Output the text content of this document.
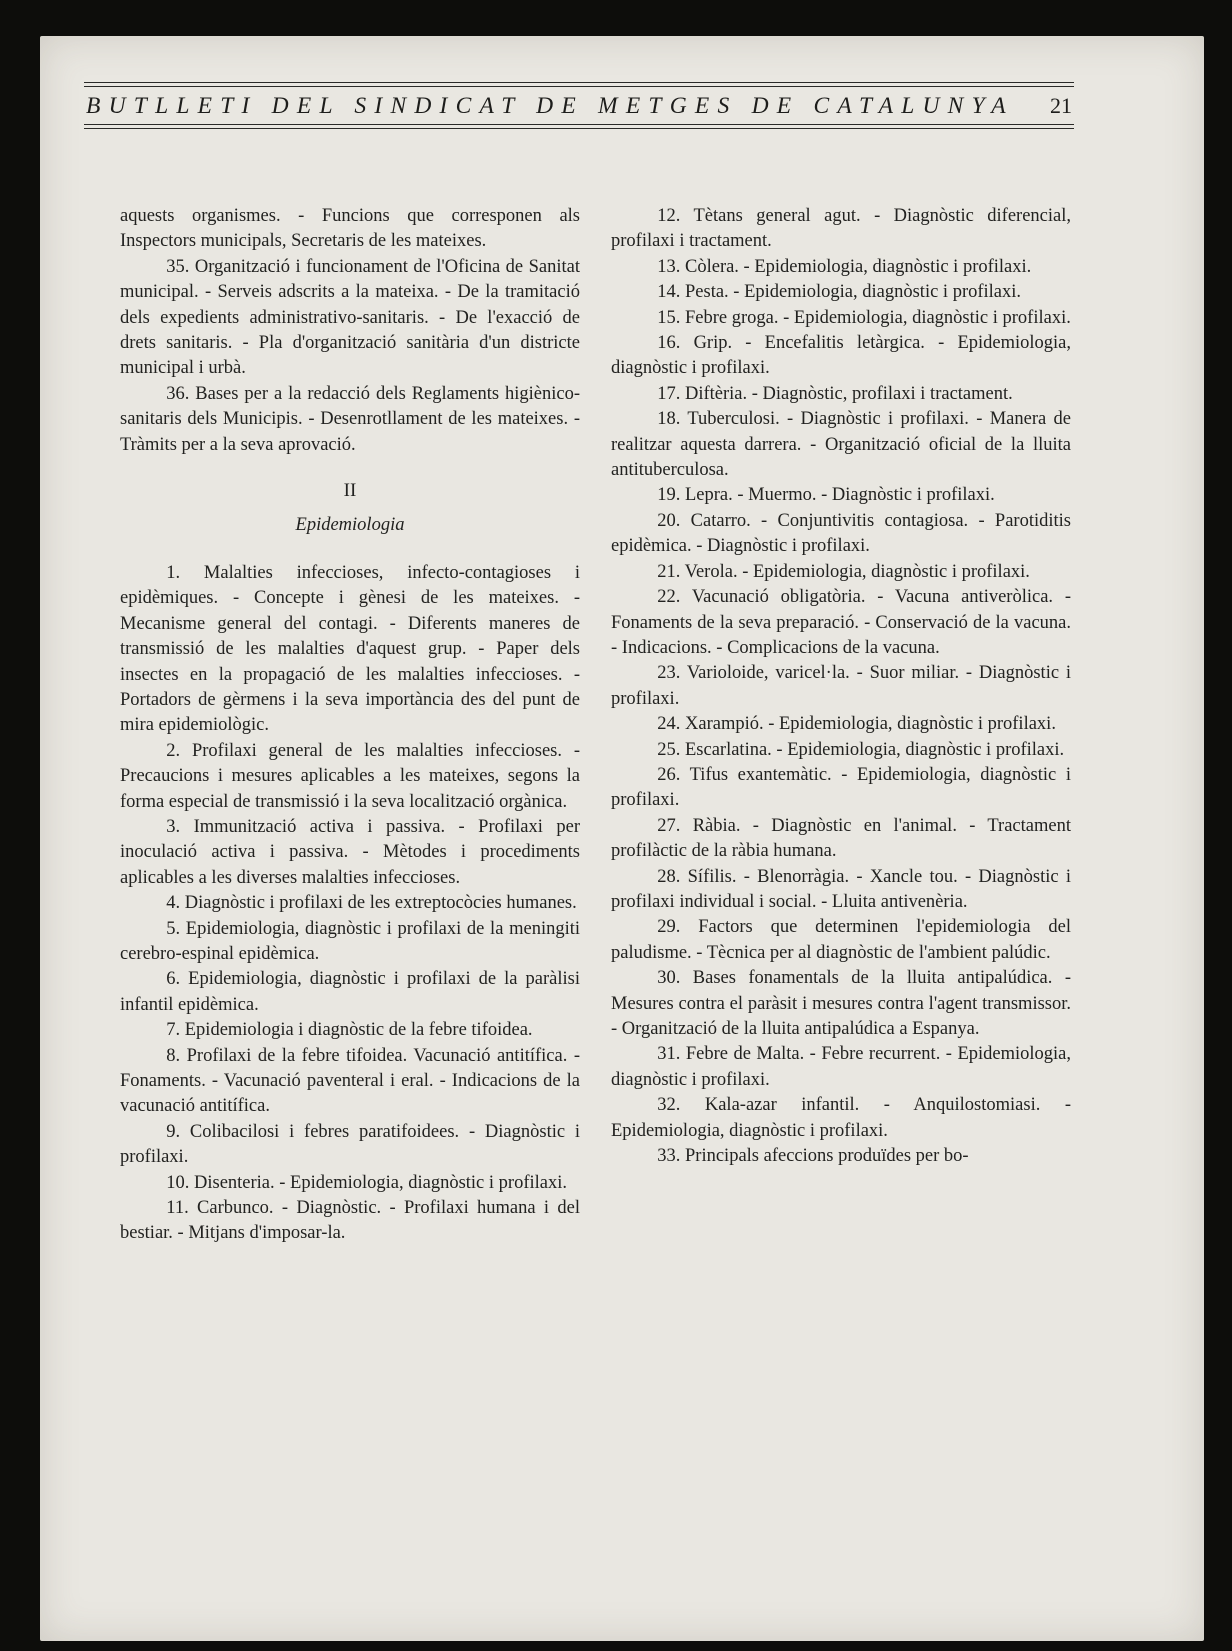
BUTLLETI DEL SINDICAT DE METGES DE CATALUNYA 21

aquests organismes. - Funcions que corresponen als Inspectors municipals, Secretaris de les mateixes.

35. Organització i funcionament de l'Oficina de Sanitat municipal. - Serveis adscrits a la mateixa. - De la tramitació dels expedients administrativo-sanitaris. - De l'exacció de drets sanitaris. - Pla d'organització sanitària d'un districte municipal i urbà.

36. Bases per a la redacció dels Reglaments higiènico-sanitaris dels Municipis. - Desenrotllament de les mateixes. - Tràmits per a la seva aprovació.

II
Epidemiologia

1. Malalties infeccioses, infecto-contagioses i epidèmiques. - Concepte i gènesi de les mateixes. - Mecanisme general del contagi. - Diferents maneres de transmissió de les malalties d'aquest grup. - Paper dels insectes en la propagació de les malalties infeccioses. - Portadors de gèrmens i la seva importància des del punt de mira epidemiològic.

2. Profilaxi general de les malalties infeccioses. - Precaucions i mesures aplicables a les mateixes, segons la forma especial de transmissió i la seva localització orgànica.

3. Immunització activa i passiva. - Profilaxi per inoculació activa i passiva. - Mètodes i procediments aplicables a les diverses malalties infeccioses.

4. Diagnòstic i profilaxi de les extreptocòcies humanes.

5. Epidemiologia, diagnòstic i profilaxi de la meningiti cerebro-espinal epidèmica.

6. Epidemiologia, diagnòstic i profilaxi de la paràlisi infantil epidèmica.

7. Epidemiologia i diagnòstic de la febre tifoidea.

8. Profilaxi de la febre tifoidea. Vacunació antitífica. - Fonaments. - Vacunació paventeral i eral. - Indicacions de la vacunació antitífica.

9. Colibacilosi i febres paratifoidees. - Diagnòstic i profilaxi.

10. Disenteria. - Epidemiologia, diagnòstic i profilaxi.

11. Carbunco. - Diagnòstic. - Profilaxi humana i del bestiar. - Mitjans d'imposar-la.

12. Tètans general agut. - Diagnòstic diferencial, profilaxi i tractament.

13. Còlera. - Epidemiologia, diagnòstic i profilaxi.

14. Pesta. - Epidemiologia, diagnòstic i profilaxi.

15. Febre groga. - Epidemiologia, diagnòstic i profilaxi.

16. Grip. - Encefalitis letàrgica. - Epidemiologia, diagnòstic i profilaxi.

17. Diftèria. - Diagnòstic, profilaxi i tractament.

18. Tuberculosi. - Diagnòstic i profilaxi. - Manera de realitzar aquesta darrera. - Organització oficial de la lluita antituberculosa.

19. Lepra. - Muermo. - Diagnòstic i profilaxi.

20. Catarro. - Conjuntivitis contagiosa. - Parotiditis epidèmica. - Diagnòstic i profilaxi.

21. Verola. - Epidemiologia, diagnòstic i profilaxi.

22. Vacunació obligatòria. - Vacuna antiveròlica. - Fonaments de la seva preparació. - Conservació de la vacuna. - Indicacions. - Complicacions de la vacuna.

23. Varioloide, varicel·la. - Suor miliar. - Diagnòstic i profilaxi.

24. Xarampió. - Epidemiologia, diagnòstic i profilaxi.

25. Escarlatina. - Epidemiologia, diagnòstic i profilaxi.

26. Tifus exantemàtic. - Epidemiologia, diagnòstic i profilaxi.

27. Ràbia. - Diagnòstic en l'animal. - Tractament profilàctic de la ràbia humana.

28. Sífilis. - Blenorràgia. - Xancle tou. - Diagnòstic i profilaxi individual i social. - Lluita antivenèria.

29. Factors que determinen l'epidemiologia del paludisme. - Tècnica per al diagnòstic de l'ambient palúdic.

30. Bases fonamentals de la lluita antipalúdica. - Mesures contra el paràsit i mesures contra l'agent transmissor. - Organització de la lluita antipalúdica a Espanya.

31. Febre de Malta. - Febre recurrent. - Epidemiologia, diagnòstic i profilaxi.

32. Kala-azar infantil. - Anquilostomiasi. - Epidemiologia, diagnòstic i profilaxi.

33. Principals afeccions produïdes per bo-
